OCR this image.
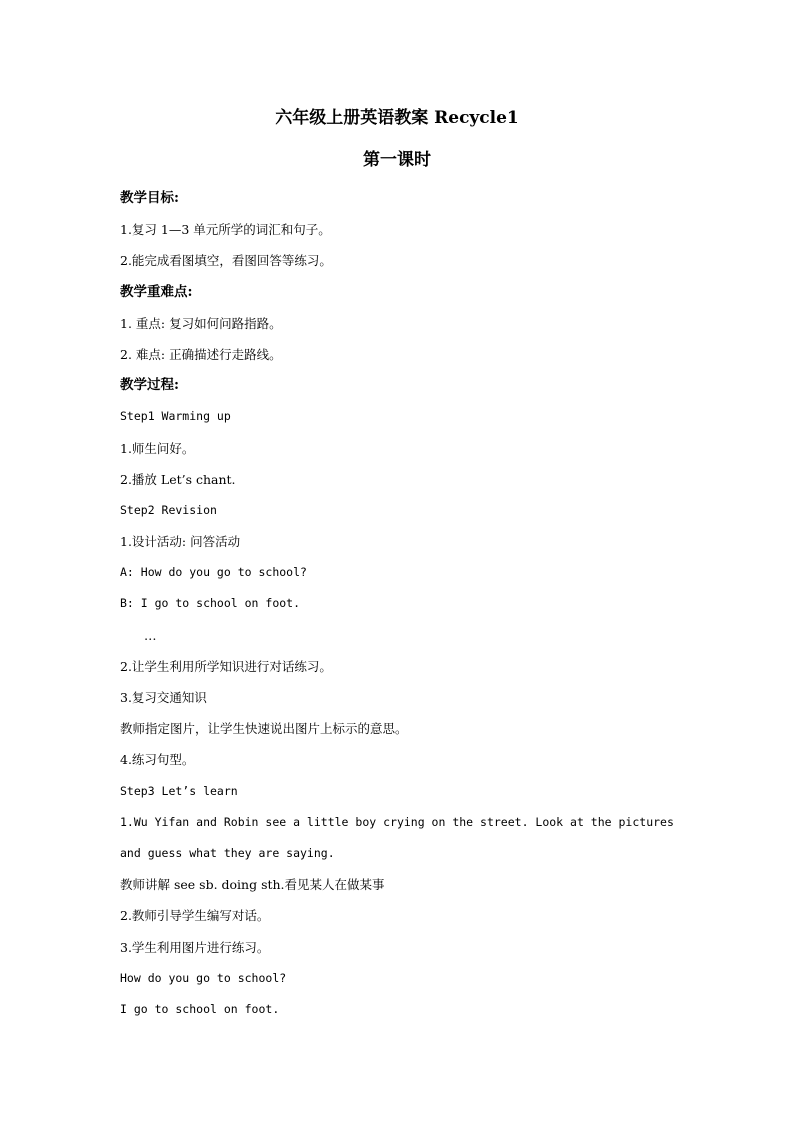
六年级上册英语教案 Recycle1
第一课时
教学目标:
1.复习 1—3 单元所学的词汇和句子。
2.能完成看图填空，看图回答等练习。
教学重难点:
1. 重点: 复习如何问路指路。
2. 难点: 正确描述行走路线。
教学过程:
Step1 Warming up
1.师生问好。
2.播放 Let’s chant.
Step2 Revision
1.设计活动: 问答活动
A: How do you go to school?
B: I go to school on foot.
…
2.让学生利用所学知识进行对话练习。
3.复习交通知识
教师指定图片，让学生快速说出图片上标示的意思。
4.练习句型。
Step3 Let’s learn
1.Wu Yifan and Robin see a little boy crying on the street. Look at the pictures
and guess what they are saying.
教师讲解 see sb. doing sth.看见某人在做某事
2.教师引导学生编写对话。
3.学生利用图片进行练习。
How do you go to school?
I go to school on foot.
